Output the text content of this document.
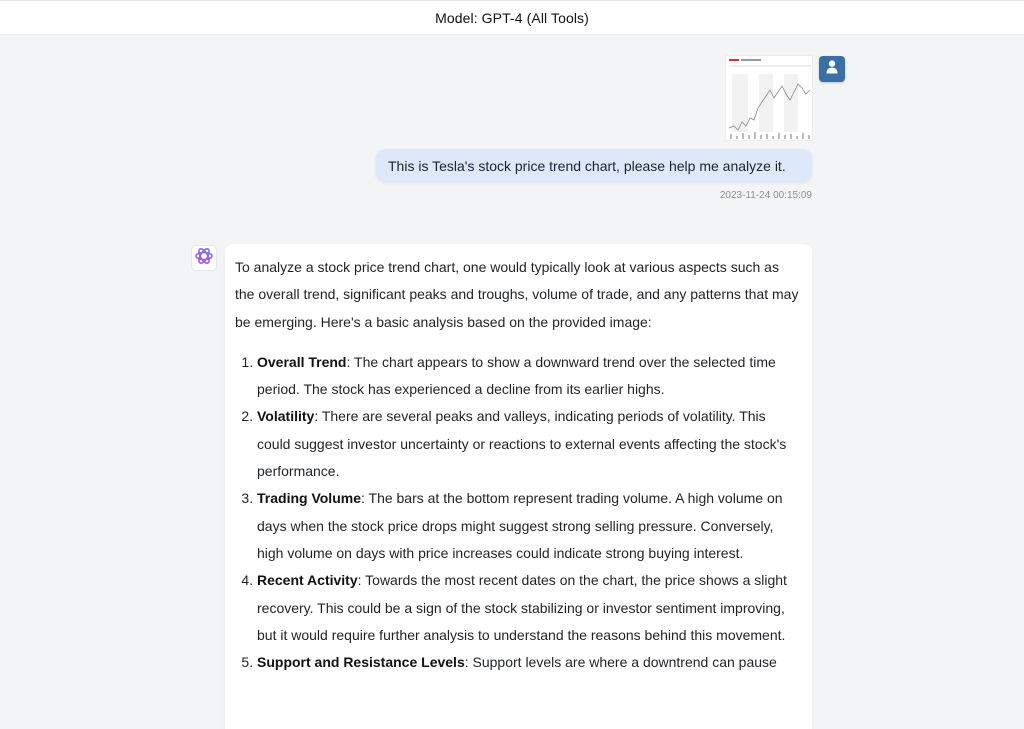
Model: GPT-4 (All Tools)
This is Tesla's stock price trend chart, please help me analyze it.
2023-11-24 00:15:09

To analyze a stock price trend chart, one would typically look at various aspects such as the overall trend, significant peaks and troughs, volume of trade, and any patterns that may be emerging. Here's a basic analysis based on the provided image:

1. Overall Trend: The chart appears to show a downward trend over the selected time period. The stock has experienced a decline from its earlier highs.
2. Volatility: There are several peaks and valleys, indicating periods of volatility. This could suggest investor uncertainty or reactions to external events affecting the stock's performance.
3. Trading Volume: The bars at the bottom represent trading volume. A high volume on days when the stock price drops might suggest strong selling pressure. Conversely, high volume on days with price increases could indicate strong buying interest.
4. Recent Activity: Towards the most recent dates on the chart, the price shows a slight recovery. This could be a sign of the stock stabilizing or investor sentiment improving, but it would require further analysis to understand the reasons behind this movement.
5. Support and Resistance Levels: Support levels are where a downtrend can pause
